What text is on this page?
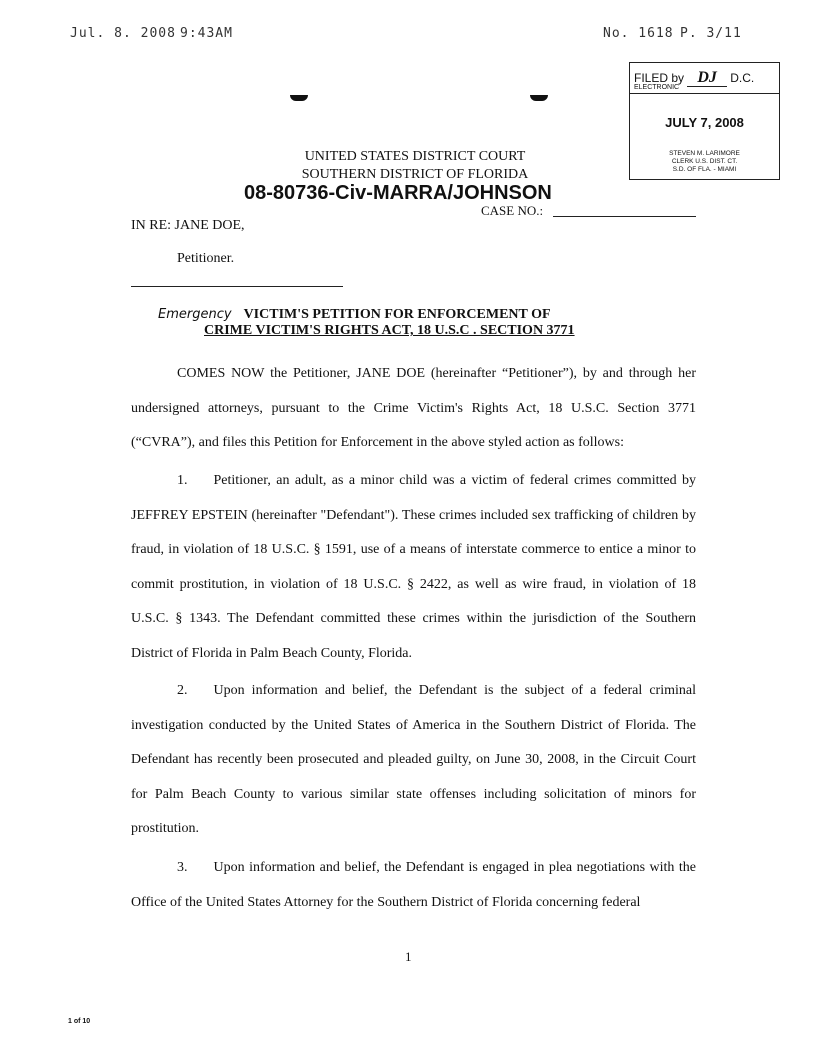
Jul. 8. 2008 9:43AM	No. 1618 P. 3/11
FILED by DJ D.C.
ELECTRONIC
JULY 7, 2008
STEVEN M. LARIMORE
CLERK U.S. DIST. CT.
S.D. OF FLA. - MIAMI
UNITED STATES DISTRICT COURT
SOUTHERN DISTRICT OF FLORIDA
08-80736-Civ-MARRA/JOHNSON
CASE NO.:
IN RE: JANE DOE,
Petitioner.
Emergency VICTIM'S PETITION FOR ENFORCEMENT OF
CRIME VICTIM'S RIGHTS ACT, 18 U.S.C . SECTION 3771
COMES NOW the Petitioner, JANE DOE (hereinafter “Petitioner”), by and through her undersigned attorneys, pursuant to the Crime Victim's Rights Act, 18 U.S.C. Section 3771 (“CVRA”), and files this Petition for Enforcement in the above styled action as follows:
1. Petitioner, an adult, as a minor child was a victim of federal crimes committed by JEFFREY EPSTEIN (hereinafter "Defendant"). These crimes included sex trafficking of children by fraud, in violation of 18 U.S.C. § 1591, use of a means of interstate commerce to entice a minor to commit prostitution, in violation of 18 U.S.C. § 2422, as well as wire fraud, in violation of 18 U.S.C. § 1343. The Defendant committed these crimes within the jurisdiction of the Southern District of Florida in Palm Beach County, Florida.
2. Upon information and belief, the Defendant is the subject of a federal criminal investigation conducted by the United States of America in the Southern District of Florida. The Defendant has recently been prosecuted and pleaded guilty, on June 30, 2008, in the Circuit Court for Palm Beach County to various similar state offenses including solicitation of minors for prostitution.
3. Upon information and belief, the Defendant is engaged in plea negotiations with the Office of the United States Attorney for the Southern District of Florida concerning federal
1
1 of 10
